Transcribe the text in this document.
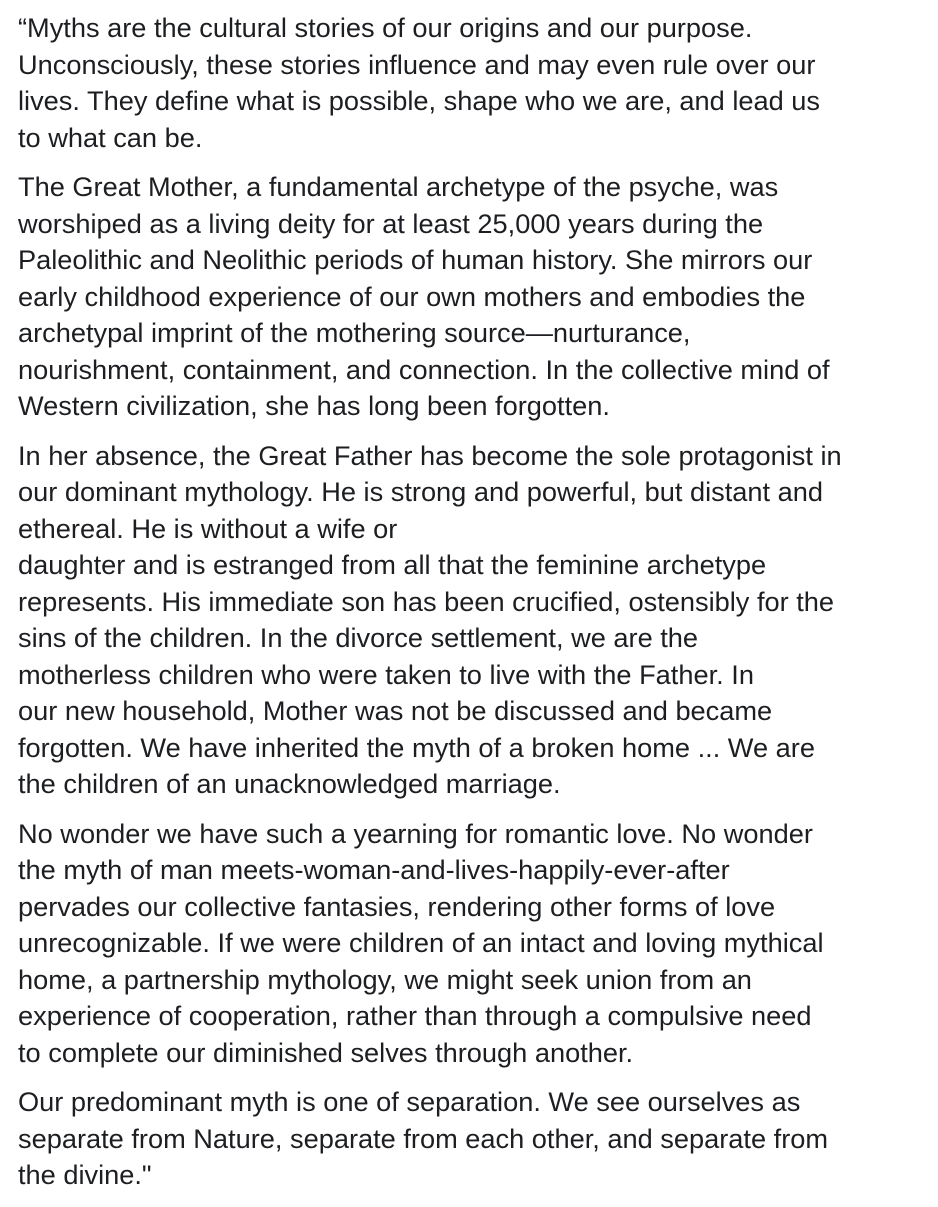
“Myths are the cultural stories of our origins and our purpose.
Unconsciously, these stories influence and may even rule over our
lives. They define what is possible, shape who we are, and lead us
to what can be.

The Great Mother, a fundamental archetype of the psyche, was
worshiped as a living deity for at least 25,000 years during the
Paleolithic and Neolithic periods of human history. She mirrors our
early childhood experience of our own mothers and embodies the
archetypal imprint of the mothering source—nurturance,
nourishment, containment, and connection. In the collective mind of
Western civilization, she has long been forgotten.

In her absence, the Great Father has become the sole protagonist in
our dominant mythology. He is strong and powerful, but distant and
ethereal. He is without a wife or
daughter and is estranged from all that the feminine archetype
represents. His immediate son has been crucified, ostensibly for the
sins of the children. In the divorce settlement, we are the
motherless children who were taken to live with the Father. In
our new household, Mother was not be discussed and became
forgotten. We have inherited the myth of a broken home ... We are
the children of an unacknowledged marriage.

No wonder we have such a yearning for romantic love. No wonder
the myth of man meets-woman-and-lives-happily-ever-after
pervades our collective fantasies, rendering other forms of love
unrecognizable. If we were children of an intact and loving mythical
home, a partnership mythology, we might seek union from an
experience of cooperation, rather than through a compulsive need
to complete our diminished selves through another.

Our predominant myth is one of separation. We see ourselves as
separate from Nature, separate from each other, and separate from
the divine."
